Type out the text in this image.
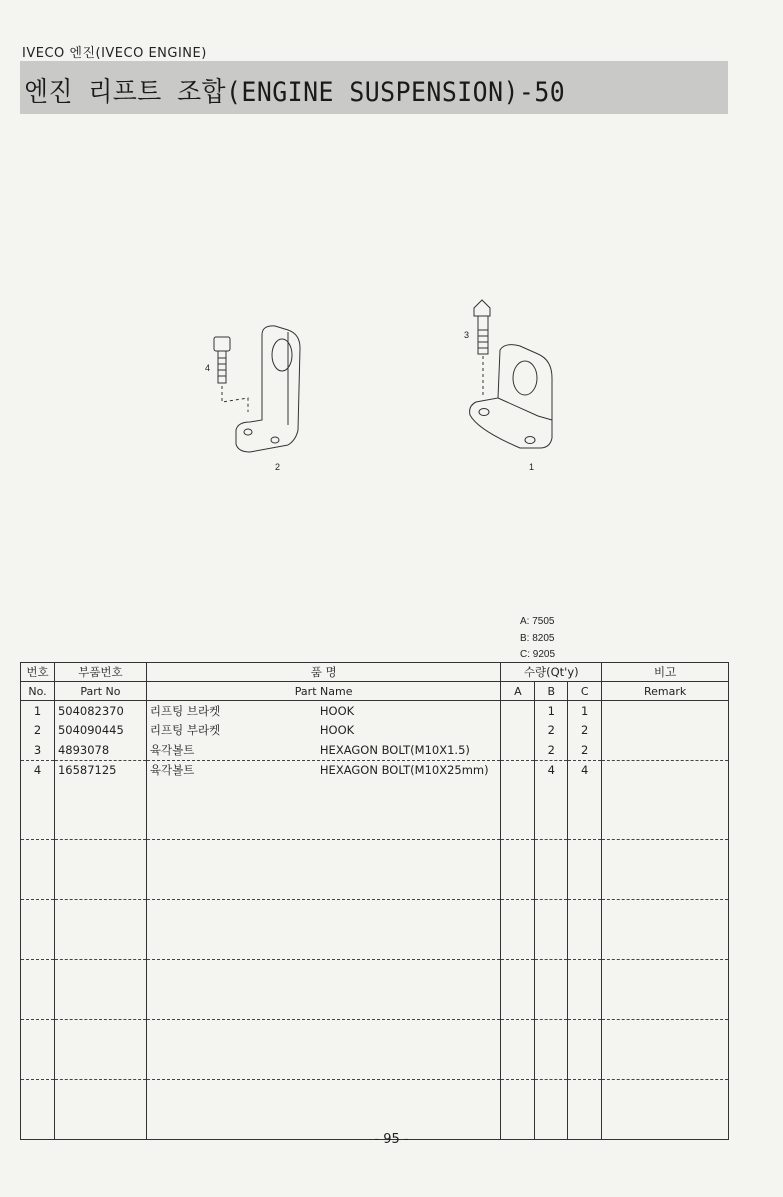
IVECO 엔진(IVECO ENGINE)
엔진 리프트 조합(ENGINE SUSPENSION)-50
2	1
3
4
A: 7505
B: 8205
C: 9205
번호	부품번호	품 명	수량(Qt'y)			비고
No.	Part No	Part Name	A	B	C	Remark
1	504082370	리프팅 브라켓 HOOK		1	1	
2	504090445	리프팅 부라켓 HOOK		2	2	
3	4893078	육각볼트 HEXAGON BOLT(M10X1.5)		2	2	
4	16587125	육각볼트 HEXAGON BOLT(M10X25mm)		4	4	

- 95 -
